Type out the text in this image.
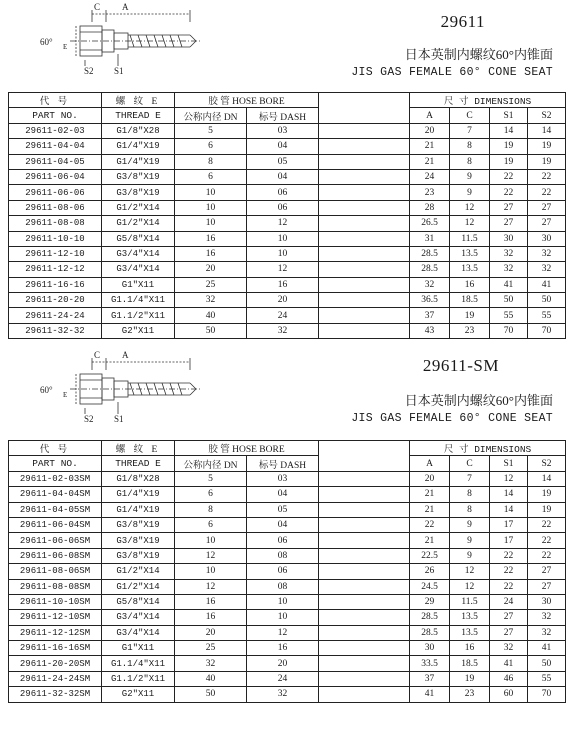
C A
60° E
S2 S1
29611
日本英制内螺纹60°内锥面
JIS GAS FEMALE 60° CONE SEAT
代 号	螺 纹 E	胶 管 HOSE BORE			尺 寸 DIMENSIONS			
PART NO.	THREAD E	公称内径 DN	标号 DASH		A	C	S1	S2
29611-02-03	G1/8"X28	5	03		20	7	14	14
29611-04-04	G1/4"X19	6	04		21	8	19	19
29611-04-05	G1/4"X19	8	05		21	8	19	19
29611-06-04	G3/8"X19	6	04		24	9	22	22
29611-06-06	G3/8"X19	10	06		23	9	22	22
29611-08-06	G1/2"X14	10	06		28	12	27	27
29611-08-08	G1/2"X14	10	12		26.5	12	27	27
29611-10-10	G5/8"X14	16	10		31	11.5	30	30
29611-12-10	G3/4"X14	16	10		28.5	13.5	32	32
29611-12-12	G3/4"X14	20	12		28.5	13.5	32	32
29611-16-16	G1"X11	25	16		32	16	41	41
29611-20-20	G1.1/4"X11	32	20		36.5	18.5	50	50
29611-24-24	G1.1/2"X11	40	24		37	19	55	55
29611-32-32	G2"X11	50	32		43	23	70	70
C A
60° E
S2 S1
29611-SM
日本英制内螺纹60°内锥面
JIS GAS FEMALE 60° CONE SEAT
代 号	螺 纹 E	胶 管 HOSE BORE			尺 寸 DIMENSIONS			
PART NO.	THREAD E	公称内径 DN	标号 DASH		A	C	S1	S2
29611-02-03SM	G1/8"X28	5	03		20	7	12	14
29611-04-04SM	G1/4"X19	6	04		21	8	14	19
29611-04-05SM	G1/4"X19	8	05		21	8	14	19
29611-06-04SM	G3/8"X19	6	04		22	9	17	22
29611-06-06SM	G3/8"X19	10	06		21	9	17	22
29611-06-08SM	G3/8"X19	12	08		22.5	9	22	22
29611-08-06SM	G1/2"X14	10	06		26	12	22	27
29611-08-08SM	G1/2"X14	12	08		24.5	12	22	27
29611-10-10SM	G5/8"X14	16	10		29	11.5	24	30
29611-12-10SM	G3/4"X14	16	10		28.5	13.5	27	32
29611-12-12SM	G3/4"X14	20	12		28.5	13.5	27	32
29611-16-16SM	G1"X11	25	16		30	16	32	41
29611-20-20SM	G1.1/4"X11	32	20		33.5	18.5	41	50
29611-24-24SM	G1.1/2"X11	40	24		37	19	46	55
29611-32-32SM	G2"X11	50	32		41	23	60	70
